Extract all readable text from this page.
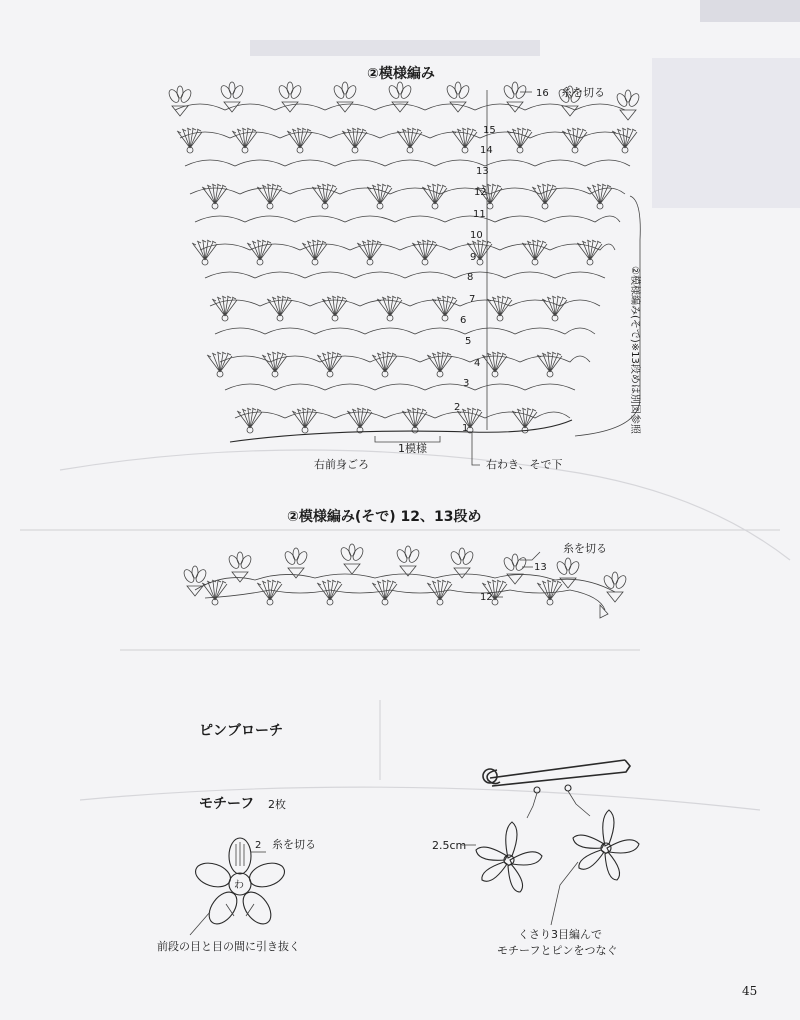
16
15
14
13
12
11
10
9
8
7
6
5
4
3
2
1
②模様編み
糸を切る
1模様
右前身ごろ	右わき、そで下
②模様編み(そで)※13段めは別図参照
②模様編み(そで) 12、13段め
糸を切る
13
12
ピンブローチ
モチーフ 2枚
わ
2 糸を切る
前段の目と目の間に引き抜く
2.5cm
くさり3目編んで
モチーフとピンをつなぐ
45
